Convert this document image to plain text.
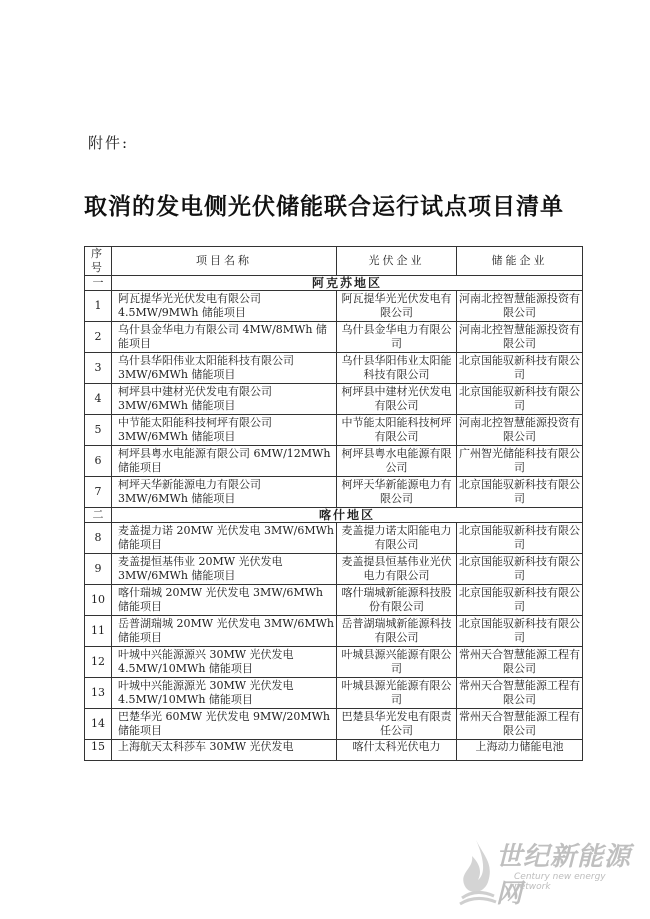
附件:
取消的发电侧光伏储能联合运行试点项目清单
序号	项目名称	光伏企业	储能企业
一	阿克苏地区		
1	阿瓦提华光光伏发电有限公司 4.5MW/9MWh 储能项目	阿瓦提华光光伏发电有限公司	河南北控智慧能源投资有限公司
2	乌什县金华电力有限公司 4MW/8MWh 储能项目	乌什县金华电力有限公司	河南北控智慧能源投资有限公司
3	乌什县华阳伟业太阳能科技有限公司 3MW/6MWh 储能项目	乌什县华阳伟业太阳能科技有限公司	北京国能驭新科技有限公司
4	柯坪县中建材光伏发电有限公司 3MW/6MWh 储能项目	柯坪县中建材光伏发电有限公司	北京国能驭新科技有限公司
5	中节能太阳能科技柯坪有限公司 3MW/6MWh 储能项目	中节能太阳能科技柯坪有限公司	河南北控智慧能源投资有限公司
6	柯坪县粤水电能源有限公司 6MW/12MWh 储能项目	柯坪县粤水电能源有限公司	广州智光储能科技有限公司
7	柯坪天华新能源电力有限公司 3MW/6MWh 储能项目	柯坪天华新能源电力有限公司	北京国能驭新科技有限公司
二	喀什地区		
8	麦盖提力诺 20MW 光伏发电 3MW/6MWh 储能项目	麦盖提力诺太阳能电力有限公司	北京国能驭新科技有限公司
9	麦盖提恒基伟业 20MW 光伏发电 3MW/6MWh 储能项目	麦盖提县恒基伟业光伏电力有限公司	北京国能驭新科技有限公司
10	喀什瑞城 20MW 光伏发电 3MW/6MWh 储能项目	喀什瑞城新能源科技股份有限公司	北京国能驭新科技有限公司
11	岳普湖瑞城 20MW 光伏发电 3MW/6MWh 储能项目	岳普湖瑞城新能源科技有限公司	北京国能驭新科技有限公司
12	叶城中兴能源源兴 30MW 光伏发电 4.5MW/10MWh 储能项目	叶城县源兴能源有限公司	常州天合智慧能源工程有限公司
13	叶城中兴能源源光 30MW 光伏发电 4.5MW/10MWh 储能项目	叶城县源光能源有限公司	常州天合智慧能源工程有限公司
14	巴楚华光 60MW 光伏发电 9MW/20MWh 储能项目	巴楚县华光发电有限责任公司	常州天合智慧能源工程有限公司
15	上海航天太科莎车 30MW 光伏发电	喀什太科光伏电力	上海动力储能电池
世纪新能源网
Century new energy network
